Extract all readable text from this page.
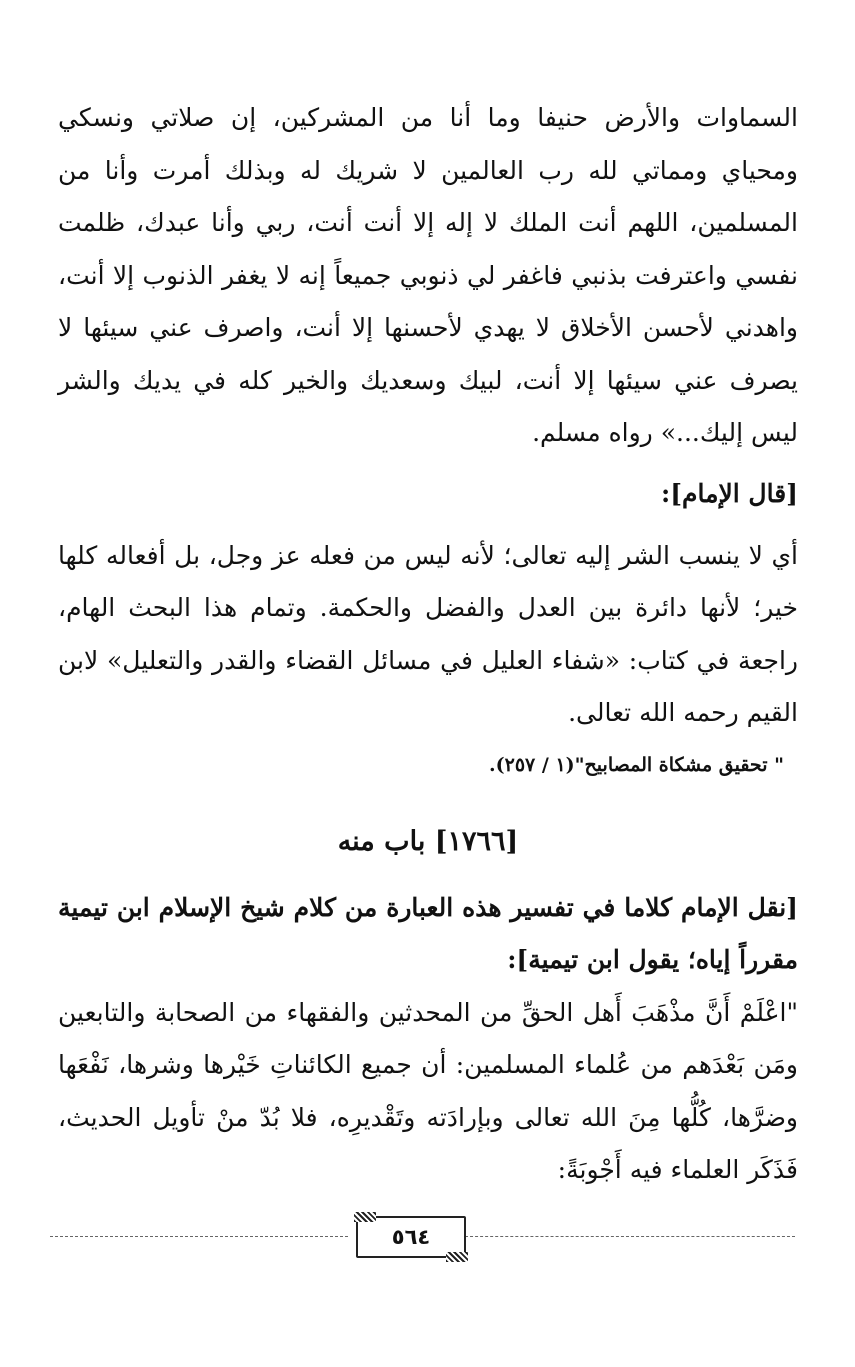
السماوات والأرض حنيفا وما أنا من المشركين، إن صلاتي ونسكي ومحياي ومماتي لله رب العالمين لا شريك له وبذلك أمرت وأنا من المسلمين، اللهم أنت الملك لا إله إلا أنت أنت، ربي وأنا عبدك، ظلمت نفسي واعترفت بذنبي فاغفر لي ذنوبي جميعاً إنه لا يغفر الذنوب إلا أنت، واهدني لأحسن الأخلاق لا يهدي لأحسنها إلا أنت، واصرف عني سيئها لا يصرف عني سيئها إلا أنت، لبيك وسعديك والخير كله في يديك والشر ليس إليك...» رواه مسلم.

[قال الإمام]:

أي لا ينسب الشر إليه تعالى؛ لأنه ليس من فعله عز وجل، بل أفعاله كلها خير؛ لأنها دائرة بين العدل والفضل والحكمة. وتمام هذا البحث الهام، راجعة في كتاب: «شفاء العليل في مسائل القضاء والقدر والتعليل» لابن القيم رحمه الله تعالى.

" تحقيق مشكاة المصابيح"(١ / ٢٥٧).

[١٧٦٦] باب منه

[نقل الإمام كلاما في تفسير هذه العبارة من كلام شيخ الإسلام ابن تيمية مقرراً إياه؛ يقول ابن تيمية]:

"اعْلَمْ أَنَّ مذْهَبَ أَهل الحقِّ من المحدثين والفقهاء من الصحابة والتابعين ومَن بَعْدَهم من عُلماء المسلمين: أن جميع الكائناتِ خَيْرها وشرها، نَفْعَها وضرَّها، كُلُّها مِنَ الله تعالى وبإرادَته وتَقْديرِه، فلا بُدّ منْ تأويل الحديث، فَذَكَر العلماء فيه أَجْوبَةً:

٥٦٤
